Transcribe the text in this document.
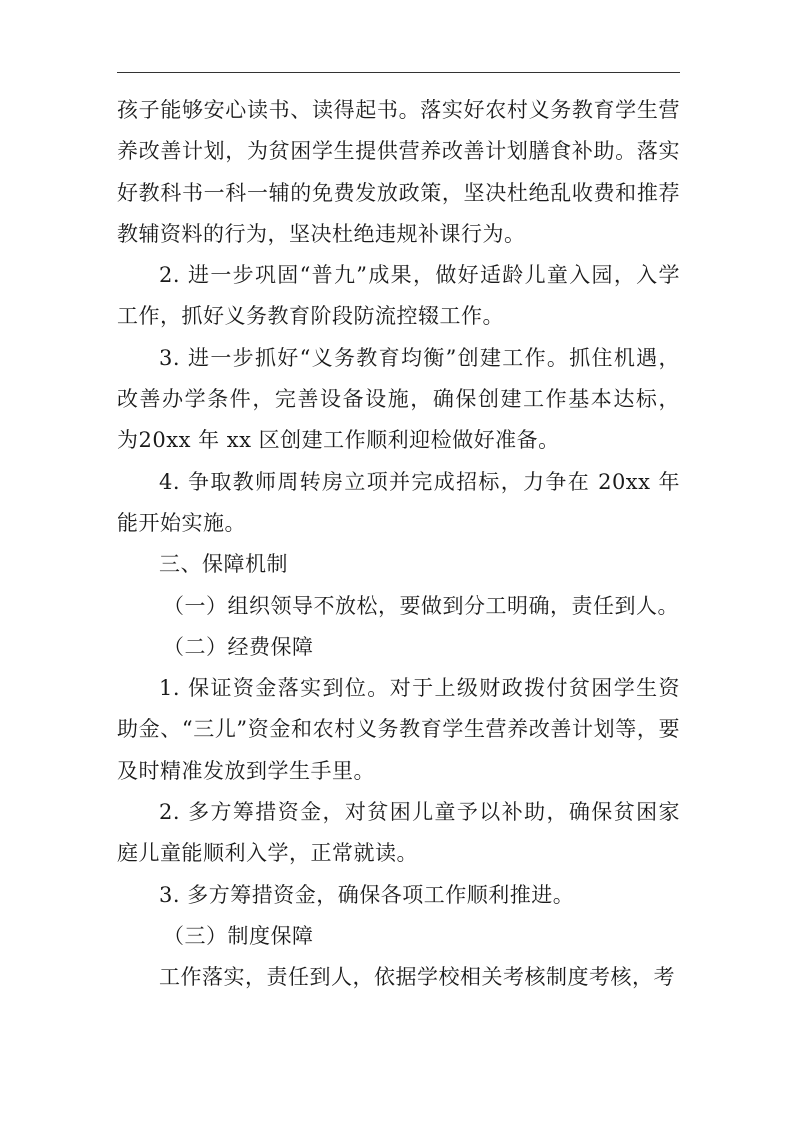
孩子能够安心读书、读得起书。落实好农村义务教育学生营养改善计划，为贫困学生提供营养改善计划膳食补助。落实好教科书一科一辅的免费发放政策，坚决杜绝乱收费和推荐教辅资料的行为，坚决杜绝违规补课行为。

2. 进一步巩固“普九”成果，做好适龄儿童入园，入学工作，抓好义务教育阶段防流控辍工作。

3. 进一步抓好“义务教育均衡”创建工作。抓住机遇，改善办学条件，完善设备设施，确保创建工作基本达标， 为20xx 年 xx 区创建工作顺利迎检做好准备。

4. 争取教师周转房立项并完成招标，力争在 20xx 年能开始实施。

三、保障机制

（一）组织领导不放松，要做到分工明确，责任到人。

（二）经费保障

1. 保证资金落实到位。对于上级财政拨付贫困学生资助金、“三儿”资金和农村义务教育学生营养改善计划等，要及时精准发放到学生手里。

2. 多方筹措资金，对贫困儿童予以补助，确保贫困家庭儿童能顺利入学，正常就读。

3. 多方筹措资金，确保各项工作顺利推进。

（三）制度保障

工作落实，责任到人，依据学校相关考核制度考核，考
